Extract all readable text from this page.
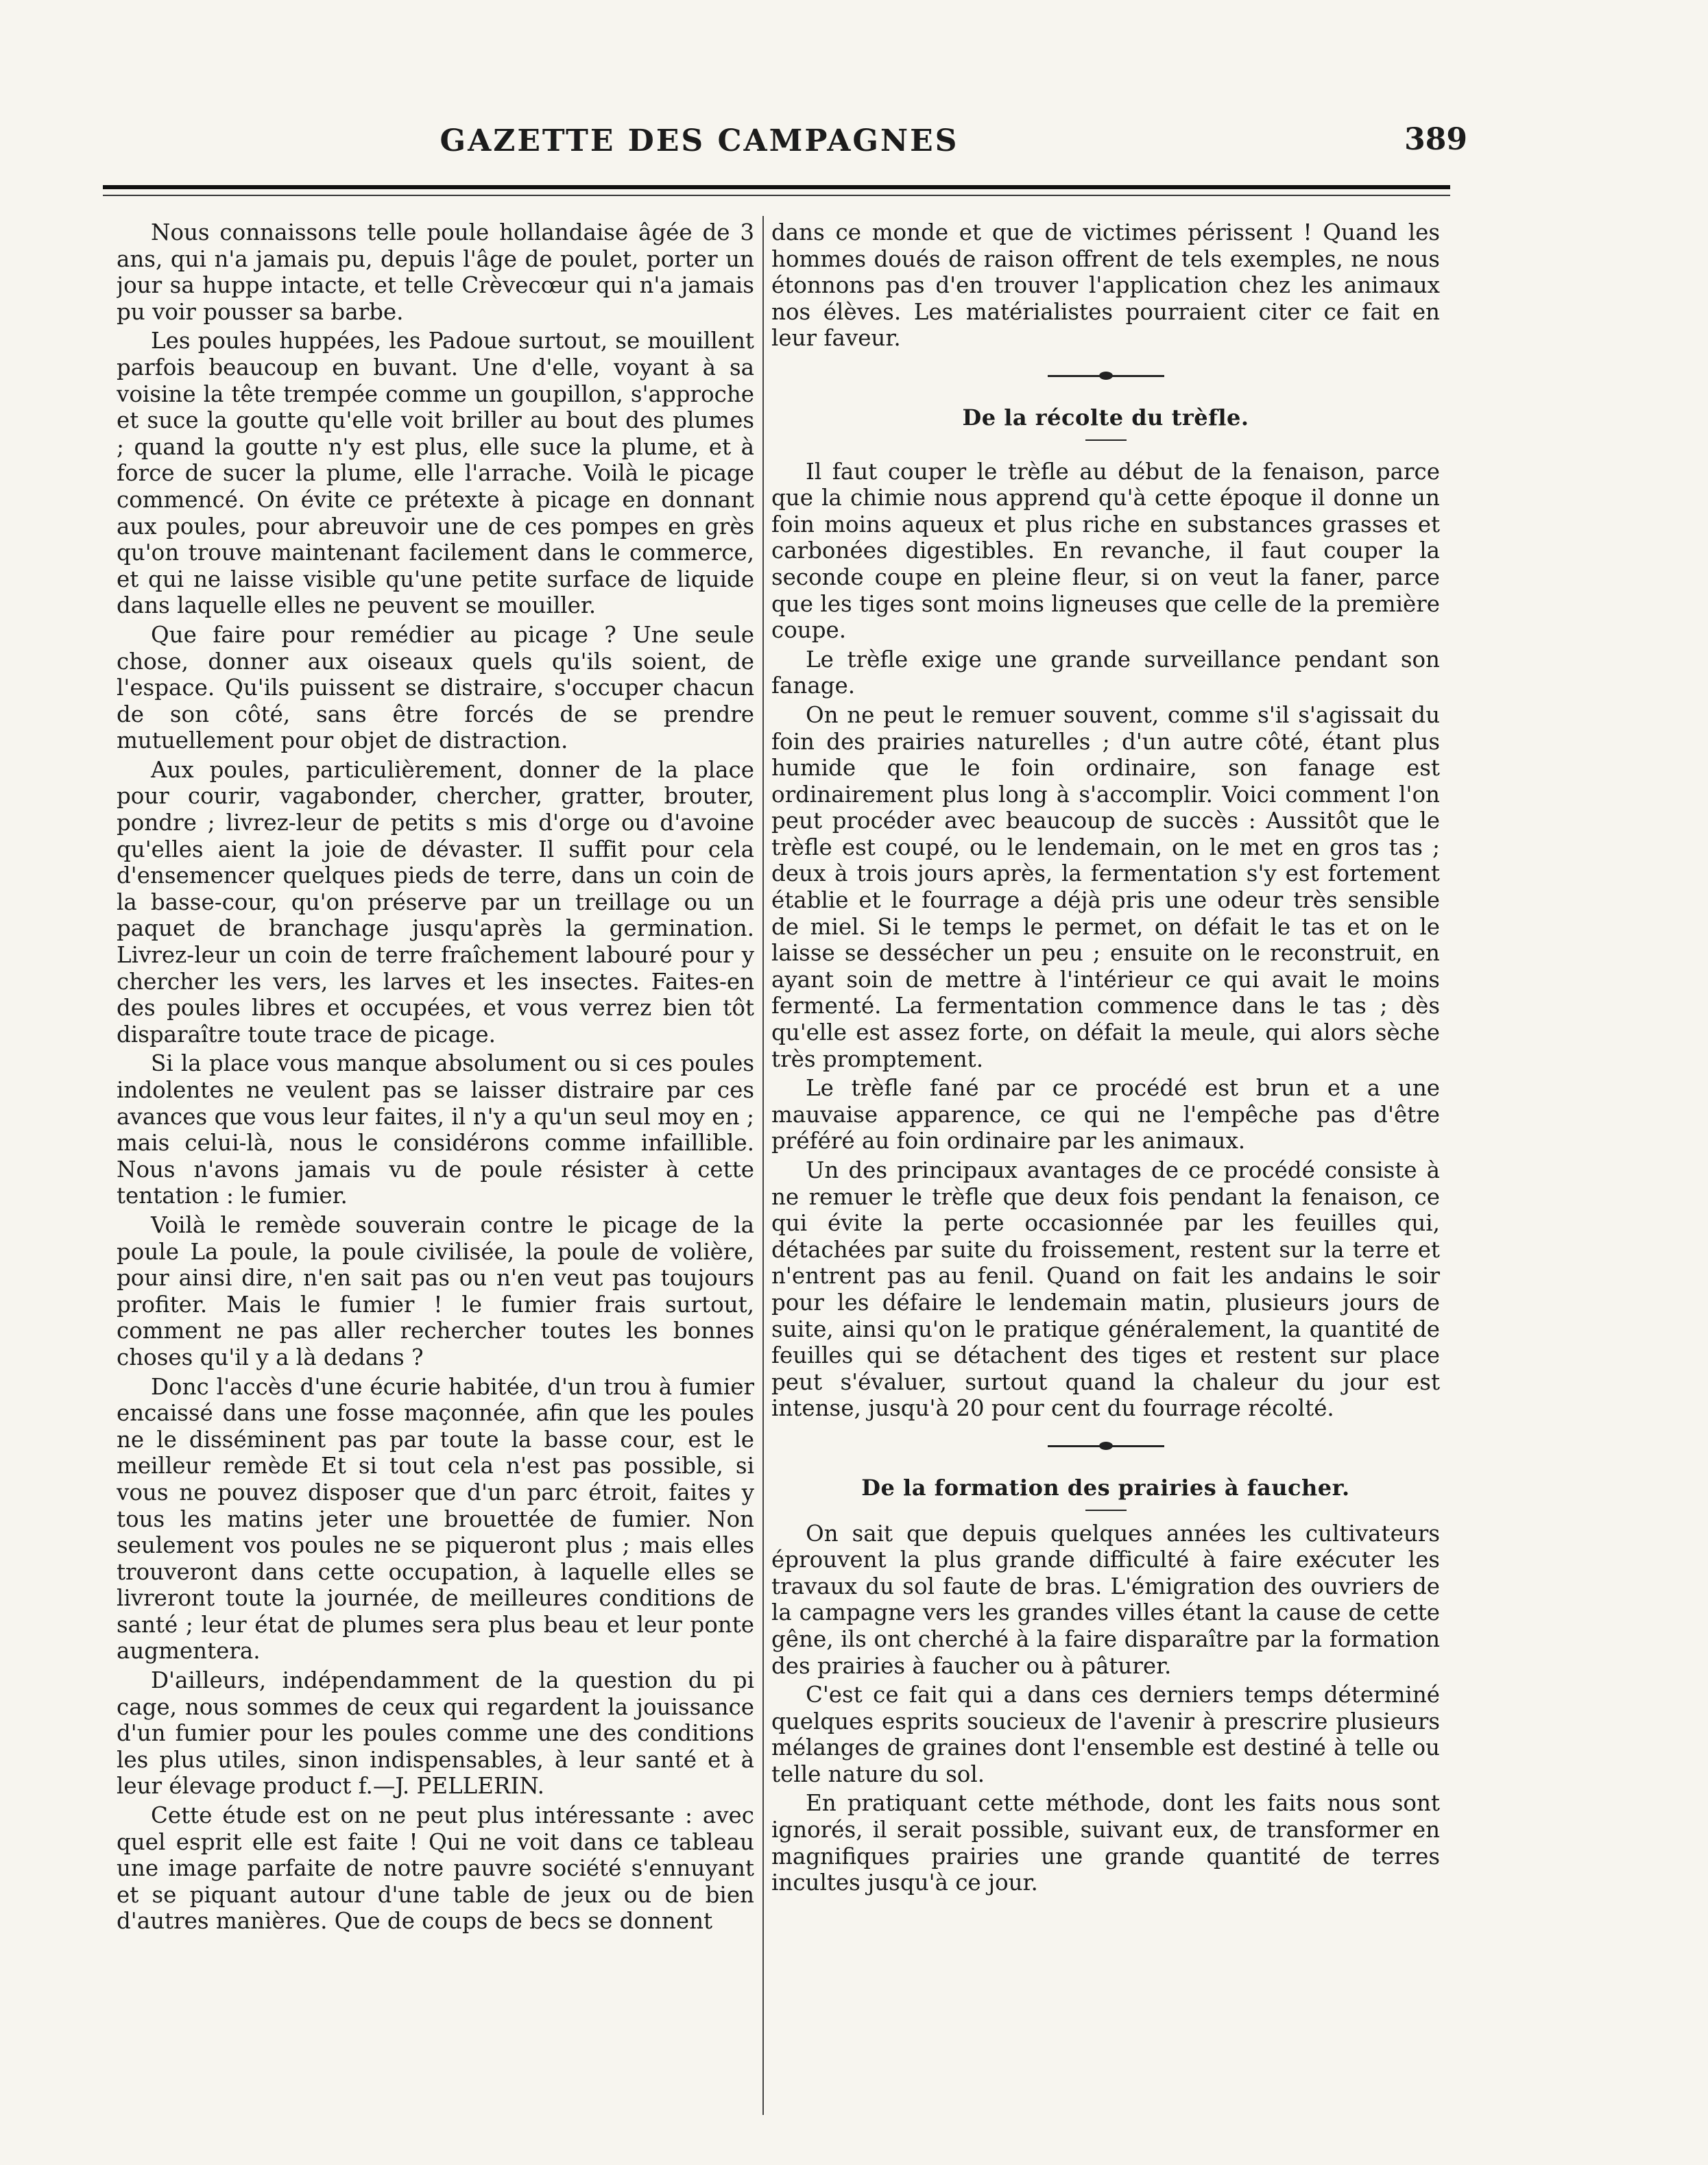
GAZETTE DES CAMPAGNES	389

Nous connaissons telle poule hollandaise âgée de 3 ans, qui n'a jamais pu, depuis l'âge de poulet, porter un jour sa huppe intacte, et telle Crèvecœur qui n'a jamais pu voir pousser sa barbe.

Les poules huppées, les Padoue surtout, se mouillent parfois beaucoup en buvant. Une d'elle, voyant à sa voisine la tête trempée comme un goupillon, s'approche et suce la goutte qu'elle voit briller au bout des plumes ; quand la goutte n'y est plus, elle suce la plume, et à force de sucer la plume, elle l'arrache. Voilà le picage commencé. On évite ce prétexte à picage en donnant aux poules, pour abreuvoir une de ces pompes en grès qu'on trouve maintenant facilement dans le commerce, et qui ne laisse visible qu'une petite surface de liquide dans laquelle elles ne peuvent se mouiller.

Que faire pour remédier au picage ? Une seule chose, donner aux oiseaux quels qu'ils soient, de l'espace. Qu'ils puissent se distraire, s'occuper chacun de son côté, sans être forcés de se prendre mutuellement pour objet de distraction.

Aux poules, particulièrement, donner de la place pour courir, vagabonder, chercher, gratter, brouter, pondre ; livrez-leur de petits s mis d'orge ou d'avoine qu'elles aient la joie de dévaster. Il suffit pour cela d'ensemencer quelques pieds de terre, dans un coin de la basse-cour, qu'on préserve par un treillage ou un paquet de branchage jusqu'après la germination. Livrez-leur un coin de terre fraîchement labouré pour y chercher les vers, les larves et les insectes. Faites-en des poules libres et occupées, et vous verrez bien tôt disparaître toute trace de picage.

Si la place vous manque absolument ou si ces poules indolentes ne veulent pas se laisser distraire par ces avances que vous leur faites, il n'y a qu'un seul moy en ; mais celui-là, nous le considérons comme infaillible. Nous n'avons jamais vu de poule résister à cette tentation : le fumier.

Voilà le remède souverain contre le picage de la poule La poule, la poule civilisée, la poule de volière, pour ainsi dire, n'en sait pas ou n'en veut pas toujours profiter. Mais le fumier ! le fumier frais surtout, comment ne pas aller rechercher toutes les bonnes choses qu'il y a là dedans ?

Donc l'accès d'une écurie habitée, d'un trou à fumier encaissé dans une fosse maçonnée, afin que les poules ne le disséminent pas par toute la basse cour, est le meilleur remède Et si tout cela n'est pas possible, si vous ne pouvez disposer que d'un parc étroit, faites y tous les matins jeter une brouettée de fumier. Non seulement vos poules ne se piqueront plus ; mais elles trouveront dans cette occupation, à laquelle elles se livreront toute la journée, de meilleures conditions de santé ; leur état de plumes sera plus beau et leur ponte augmentera.

D'ailleurs, indépendamment de la question du pi cage, nous sommes de ceux qui regardent la jouissance d'un fumier pour les poules comme une des conditions les plus utiles, sinon indispensables, à leur santé et à leur élevage product f.—J. PELLERIN.

Cette étude est on ne peut plus intéressante : avec quel esprit elle est faite ! Qui ne voit dans ce tableau une image parfaite de notre pauvre société s'ennuyant et se piquant autour d'une table de jeux ou de bien d'autres manières. Que de coups de becs se donnent

dans ce monde et que de victimes périssent ! Quand les hommes doués de raison offrent de tels exemples, ne nous étonnons pas d'en trouver l'application chez les animaux nos élèves. Les matérialistes pourraient citer ce fait en leur faveur.

De la récolte du trèfle.

Il faut couper le trèfle au début de la fenaison, parce que la chimie nous apprend qu'à cette époque il donne un foin moins aqueux et plus riche en substances grasses et carbonées digestibles. En revanche, il faut couper la seconde coupe en pleine fleur, si on veut la faner, parce que les tiges sont moins ligneuses que celle de la première coupe.

Le trèfle exige une grande surveillance pendant son fanage.

On ne peut le remuer souvent, comme s'il s'agissait du foin des prairies naturelles ; d'un autre côté, étant plus humide que le foin ordinaire, son fanage est ordinairement plus long à s'accomplir. Voici comment l'on peut procéder avec beaucoup de succès : Aussitôt que le trèfle est coupé, ou le lendemain, on le met en gros tas ; deux à trois jours après, la fermentation s'y est fortement établie et le fourrage a déjà pris une odeur très sensible de miel. Si le temps le permet, on défait le tas et on le laisse se dessécher un peu ; ensuite on le reconstruit, en ayant soin de mettre à l'intérieur ce qui avait le moins fermenté. La fermentation commence dans le tas ; dès qu'elle est assez forte, on défait la meule, qui alors sèche très promptement.

Le trèfle fané par ce procédé est brun et a une mauvaise apparence, ce qui ne l'empêche pas d'être préféré au foin ordinaire par les animaux.

Un des principaux avantages de ce procédé consiste à ne remuer le trèfle que deux fois pendant la fenaison, ce qui évite la perte occasionnée par les feuilles qui, détachées par suite du froissement, restent sur la terre et n'entrent pas au fenil. Quand on fait les andains le soir pour les défaire le lendemain matin, plusieurs jours de suite, ainsi qu'on le pratique généralement, la quantité de feuilles qui se détachent des tiges et restent sur place peut s'évaluer, surtout quand la chaleur du jour est intense, jusqu'à 20 pour cent du fourrage récolté.

De la formation des prairies à faucher.

On sait que depuis quelques années les cultivateurs éprouvent la plus grande difficulté à faire exécuter les travaux du sol faute de bras. L'émigration des ouvriers de la campagne vers les grandes villes étant la cause de cette gêne, ils ont cherché à la faire disparaître par la formation des prairies à faucher ou à pâturer.

C'est ce fait qui a dans ces derniers temps déterminé quelques esprits soucieux de l'avenir à prescrire plusieurs mélanges de graines dont l'ensemble est destiné à telle ou telle nature du sol.

En pratiquant cette méthode, dont les faits nous sont ignorés, il serait possible, suivant eux, de transformer en magnifiques prairies une grande quantité de terres incultes jusqu'à ce jour.
